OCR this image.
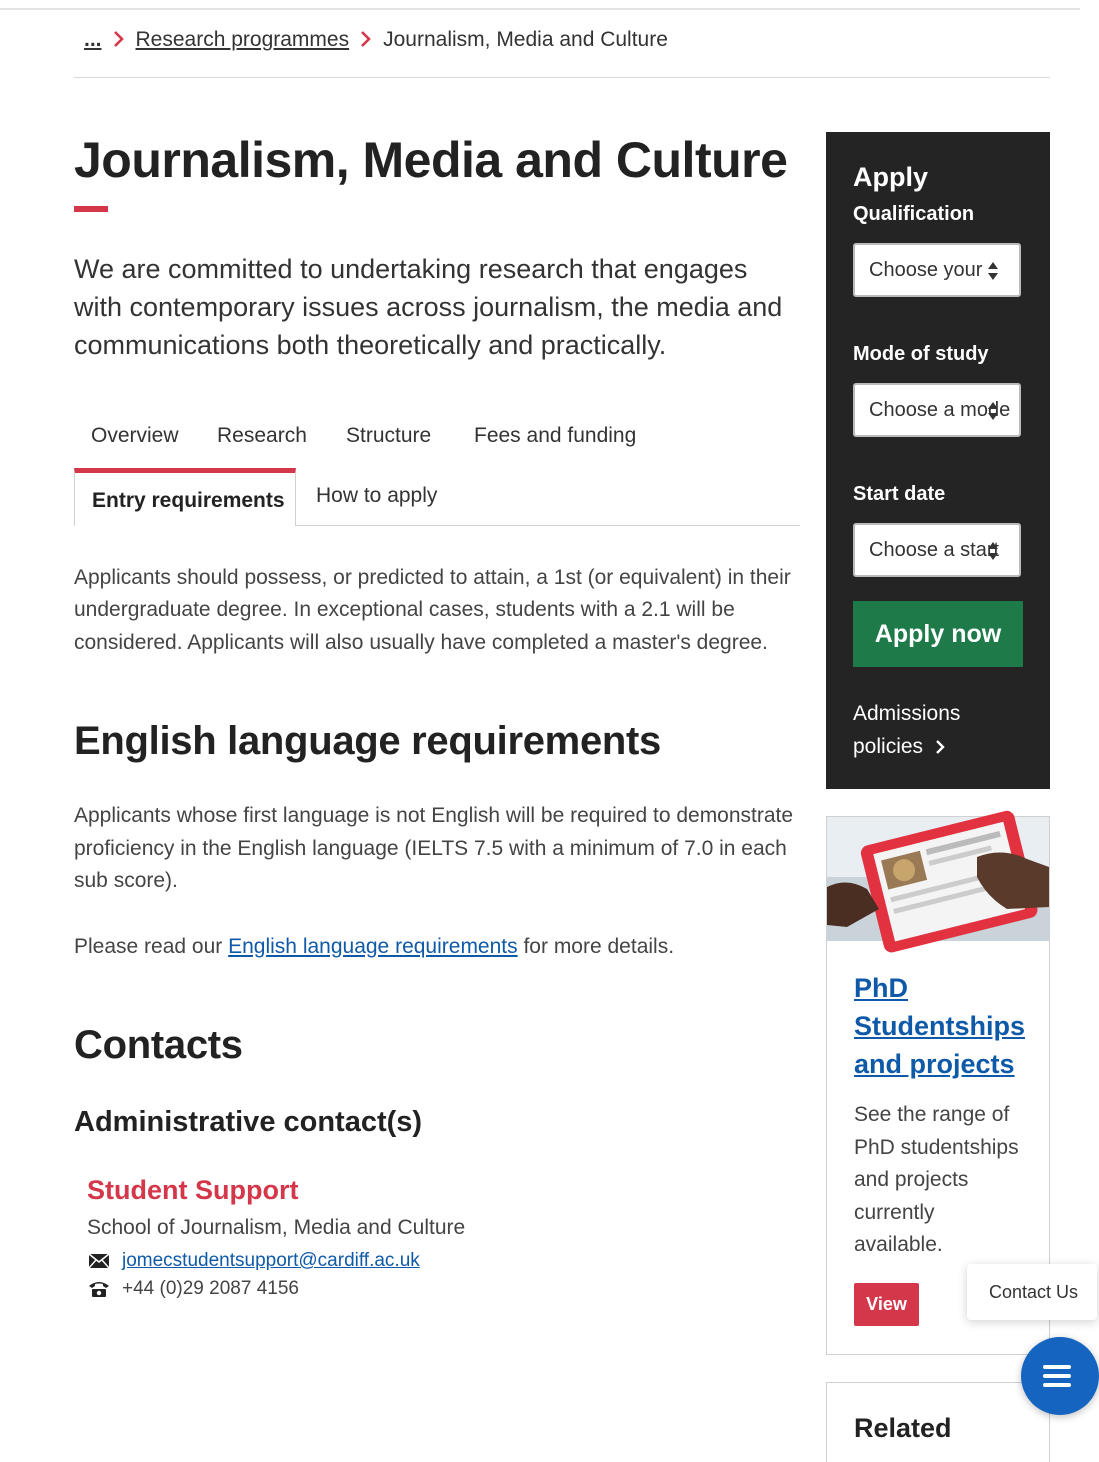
... Research programmes Journalism, Media and Culture
Journalism, Media and Culture

We are committed to undertaking research that engages with contemporary issues across journalism, the media and communications both theoretically and practically.

Overview Research Structure Fees and funding
Entry requirements	How to apply

Applicants should possess, or predicted to attain, a 1st (or equivalent) in their undergraduate degree. In exceptional cases, students with a 2.1 will be considered. Applicants will also usually have completed a master's degree.

English language requirements

Applicants whose first language is not English will be required to demonstrate proficiency in the English language (IELTS 7.5 with a minimum of 7.0 in each sub score).

Please read our English language requirements for more details.

Contacts
Administrative contact(s)
Student Support
School of Journalism, Media and Culture
jomecstudentsupport@cardiff.ac.uk
+44 (0)29 2087 4156
Apply
Qualification
Choose your
Mode of study
Choose a mode
Start date
Choose a start
Apply now
Admissions policies
PhD Studentships and projects

See the range of PhD studentships and projects currently available.

View
Related
Contact Us
